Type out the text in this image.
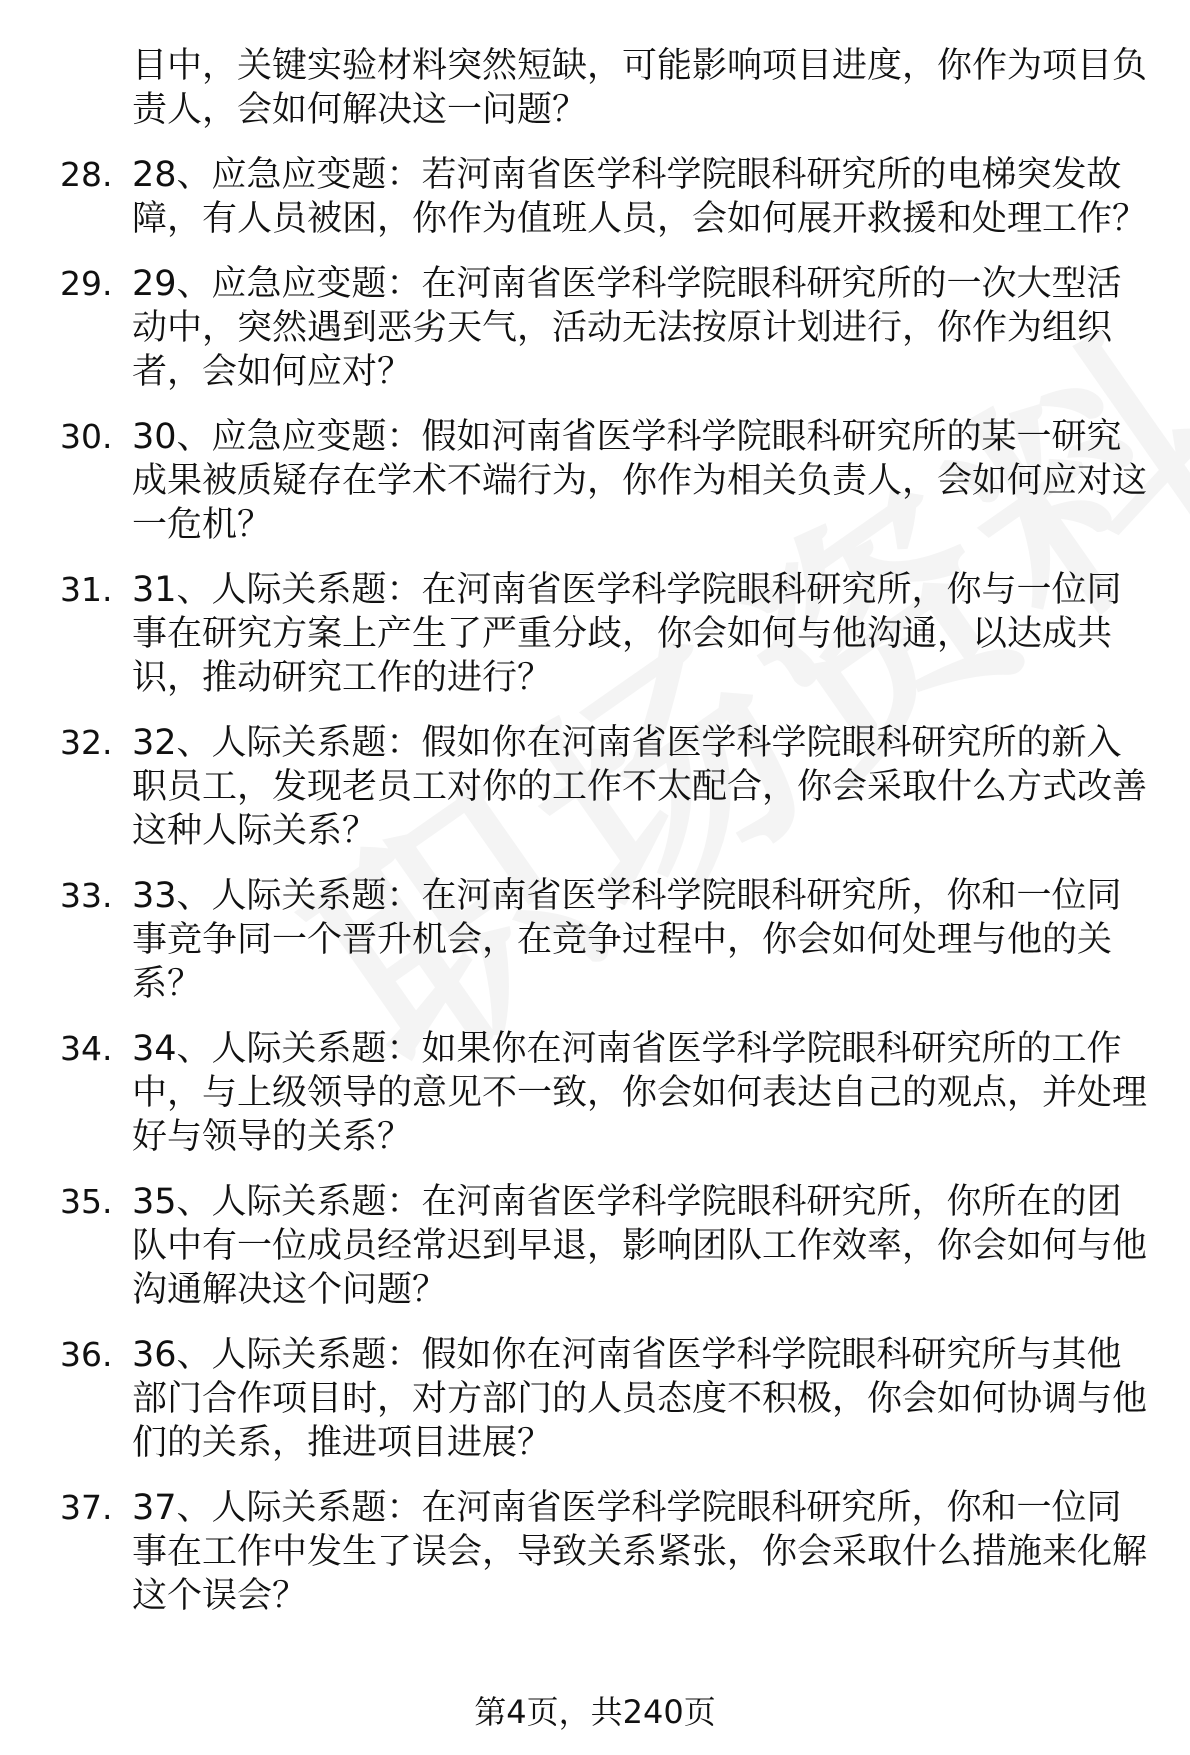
目中，关键实验材料突然短缺，可能影响项目进度，你作为项目负责人，会如何解决这一问题？
28. 28、应急应变题：若河南省医学科学院眼科研究所的电梯突发故障，有人员被困，你作为值班人员，会如何展开救援和处理工作？
29. 29、应急应变题：在河南省医学科学院眼科研究所的一次大型活动中，突然遇到恶劣天气，活动无法按原计划进行，你作为组织者，会如何应对？
30. 30、应急应变题：假如河南省医学科学院眼科研究所的某一研究成果被质疑存在学术不端行为，你作为相关负责人，会如何应对这一危机？
31. 31、人际关系题：在河南省医学科学院眼科研究所，你与一位同事在研究方案上产生了严重分歧，你会如何与他沟通，以达成共识，推动研究工作的进行？
32. 32、人际关系题：假如你在河南省医学科学院眼科研究所的新入职员工，发现老员工对你的工作不太配合，你会采取什么方式改善这种人际关系？
33. 33、人际关系题：在河南省医学科学院眼科研究所，你和一位同事竞争同一个晋升机会，在竞争过程中，你会如何处理与他的关系？
34. 34、人际关系题：如果你在河南省医学科学院眼科研究所的工作中，与上级领导的意见不一致，你会如何表达自己的观点，并处理好与领导的关系？
35. 35、人际关系题：在河南省医学科学院眼科研究所，你所在的团队中有一位成员经常迟到早退，影响团队工作效率，你会如何与他沟通解决这个问题？
36. 36、人际关系题：假如你在河南省医学科学院眼科研究所与其他部门合作项目时，对方部门的人员态度不积极，你会如何协调与他们的关系，推进项目进展？
37. 37、人际关系题：在河南省医学科学院眼科研究所，你和一位同事在工作中发生了误会，导致关系紧张，你会采取什么措施来化解这个误会？
第4页，共240页
